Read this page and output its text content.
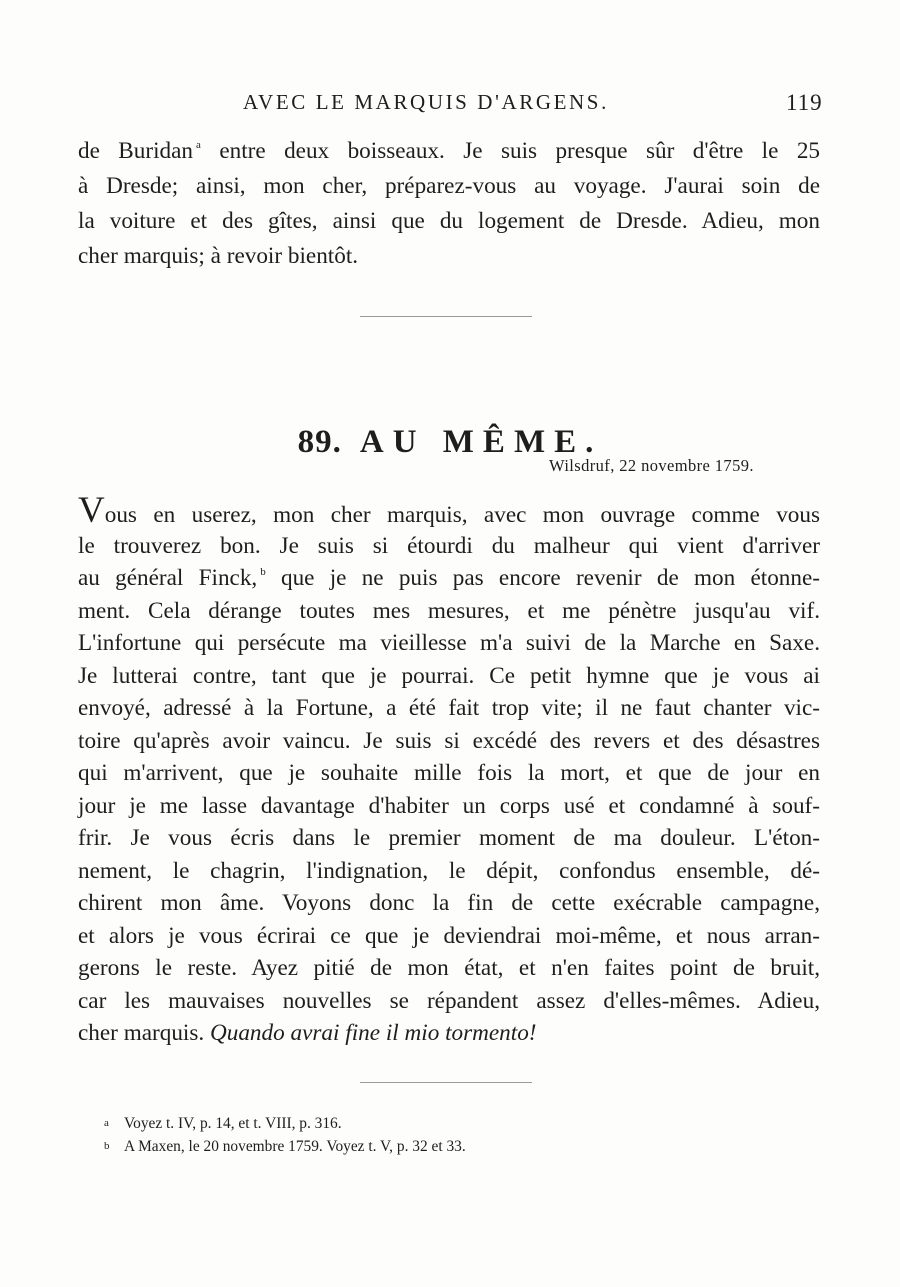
AVEC LE MARQUIS D'ARGENS.	119
de Buridan $^a$ entre deux boisseaux. Je suis presque sûr d'être le 25
à Dresde; ainsi, mon cher, préparez-vous au voyage. J'aurai soin de
la voiture et des gîtes, ainsi que du logement de Dresde. Adieu, mon
cher marquis; à revoir bientôt.
89. AU MÊME.
Wilsdruf, 22 novembre 1759.
Vous en userez, mon cher marquis, avec mon ouvrage comme vous
le trouverez bon. Je suis si étourdi du malheur qui vient d'arriver
au général Finck, $^b$ que je ne puis pas encore revenir de mon étonne-
ment. Cela dérange toutes mes mesures, et me pénètre jusqu'au vif.
L'infortune qui persécute ma vieillesse m'a suivi de la Marche en Saxe.
Je lutterai contre, tant que je pourrai. Ce petit hymne que je vous ai
envoyé, adressé à la Fortune, a été fait trop vite; il ne faut chanter vic-
toire qu'après avoir vaincu. Je suis si excédé des revers et des désastres
qui m'arrivent, que je souhaite mille fois la mort, et que de jour en
jour je me lasse davantage d'habiter un corps usé et condamné à souf-
frir. Je vous écris dans le premier moment de ma douleur. L'éton-
nement, le chagrin, l'indignation, le dépit, confondus ensemble, dé-
chirent mon âme. Voyons donc la fin de cette exécrable campagne,
et alors je vous écrirai ce que je deviendrai moi-même, et nous arran-
gerons le reste. Ayez pitié de mon état, et n'en faites point de bruit,
car les mauvaises nouvelles se répandent assez d'elles-mêmes. Adieu,
cher marquis. Quando avrai fine il mio tormento!
a Voyez t. IV, p. 14, et t. VIII, p. 316.
b A Maxen, le 20 novembre 1759. Voyez t. V, p. 32 et 33.
